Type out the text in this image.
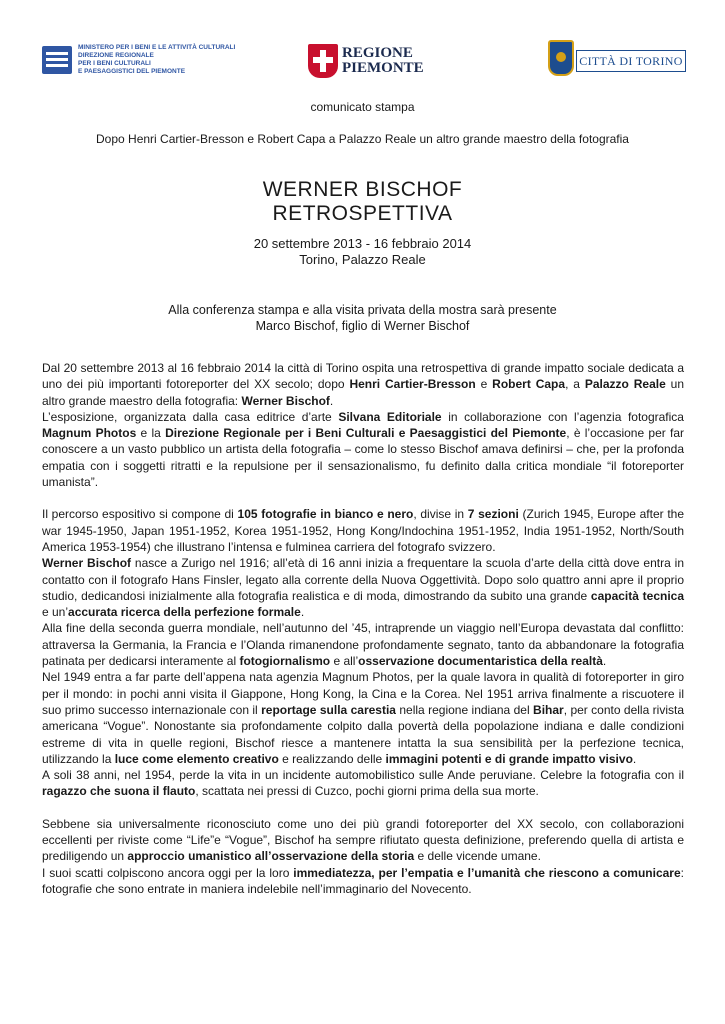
MINISTERO PER I BENI E LE ATTIVITÀ CULTURALI
DIREZIONE REGIONALE
PER I BENI CULTURALI
E PAESAGGISTICI DEL PIEMONTE
REGIONE
PIEMONTE	CITTÀ DI TORINO
comunicato stampa
Dopo Henri Cartier-Bresson e Robert Capa a Palazzo Reale un altro grande maestro della fotografia
WERNER BISCHOF
RETROSPETTIVA
20 settembre 2013 - 16 febbraio 2014
Torino, Palazzo Reale
Alla conferenza stampa e alla visita privata della mostra sarà presente
Marco Bischof, figlio di Werner Bischof

Dal 20 settembre 2013 al 16 febbraio 2014 la città di Torino ospita una retrospettiva di grande impatto sociale dedicata a uno dei più importanti fotoreporter del XX secolo; dopo Henri Cartier-Bresson e Robert Capa, a Palazzo Reale un altro grande maestro della fotografia: Werner Bischof.

L’esposizione, organizzata dalla casa editrice d’arte Silvana Editoriale in collaborazione con l’agenzia fotografica Magnum Photos e la Direzione Regionale per i Beni Culturali e Paesaggistici del Piemonte, è l’occasione per far conoscere a un vasto pubblico un artista della fotografia – come lo stesso Bischof amava definirsi – che, per la profonda empatia con i soggetti ritratti e la repulsione per il sensazionalismo, fu definito dalla critica mondiale “il fotoreporter umanista”.

Il percorso espositivo si compone di 105 fotografie in bianco e nero, divise in 7 sezioni (Zurich 1945, Europe after the war 1945-1950, Japan 1951-1952, Korea 1951-1952, Hong Kong/Indochina 1951-1952, India 1951-1952, North/South America 1953-1954) che illustrano l’intensa e fulminea carriera del fotografo svizzero.

Werner Bischof nasce a Zurigo nel 1916; all’età di 16 anni inizia a frequentare la scuola d’arte della città dove entra in contatto con il fotografo Hans Finsler, legato alla corrente della Nuova Oggettività. Dopo solo quattro anni apre il proprio studio, dedicandosi inizialmente alla fotografia realistica e di moda, dimostrando da subito una grande capacità tecnica e un’accurata ricerca della perfezione formale.

Alla fine della seconda guerra mondiale, nell’autunno del ’45, intraprende un viaggio nell’Europa devastata dal conflitto: attraversa la Germania, la Francia e l’Olanda rimanendone profondamente segnato, tanto da abbandonare la fotografia patinata per dedicarsi interamente al fotogiornalismo e all’osservazione documentaristica della realtà.

Nel 1949 entra a far parte dell’appena nata agenzia Magnum Photos, per la quale lavora in qualità di fotoreporter in giro per il mondo: in pochi anni visita il Giappone, Hong Kong, la Cina e la Corea. Nel 1951 arriva finalmente a riscuotere il suo primo successo internazionale con il reportage sulla carestia nella regione indiana del Bihar, per conto della rivista americana “Vogue”. Nonostante sia profondamente colpito dalla povertà della popolazione indiana e dalle condizioni estreme di vita in quelle regioni, Bischof riesce a mantenere intatta la sua sensibilità per la perfezione tecnica, utilizzando la luce come elemento creativo e realizzando delle immagini potenti e di grande impatto visivo.

A soli 38 anni, nel 1954, perde la vita in un incidente automobilistico sulle Ande peruviane. Celebre la fotografia con il ragazzo che suona il flauto, scattata nei pressi di Cuzco, pochi giorni prima della sua morte.

Sebbene sia universalmente riconosciuto come uno dei più grandi fotoreporter del XX secolo, con collaborazioni eccellenti per riviste come “Life”e “Vogue”, Bischof ha sempre rifiutato questa definizione, preferendo quella di artista e prediligendo un approccio umanistico all’osservazione della storia e delle vicende umane.

I suoi scatti colpiscono ancora oggi per la loro immediatezza, per l’empatia e l’umanità che riescono a comunicare: fotografie che sono entrate in maniera indelebile nell’immaginario del Novecento.
